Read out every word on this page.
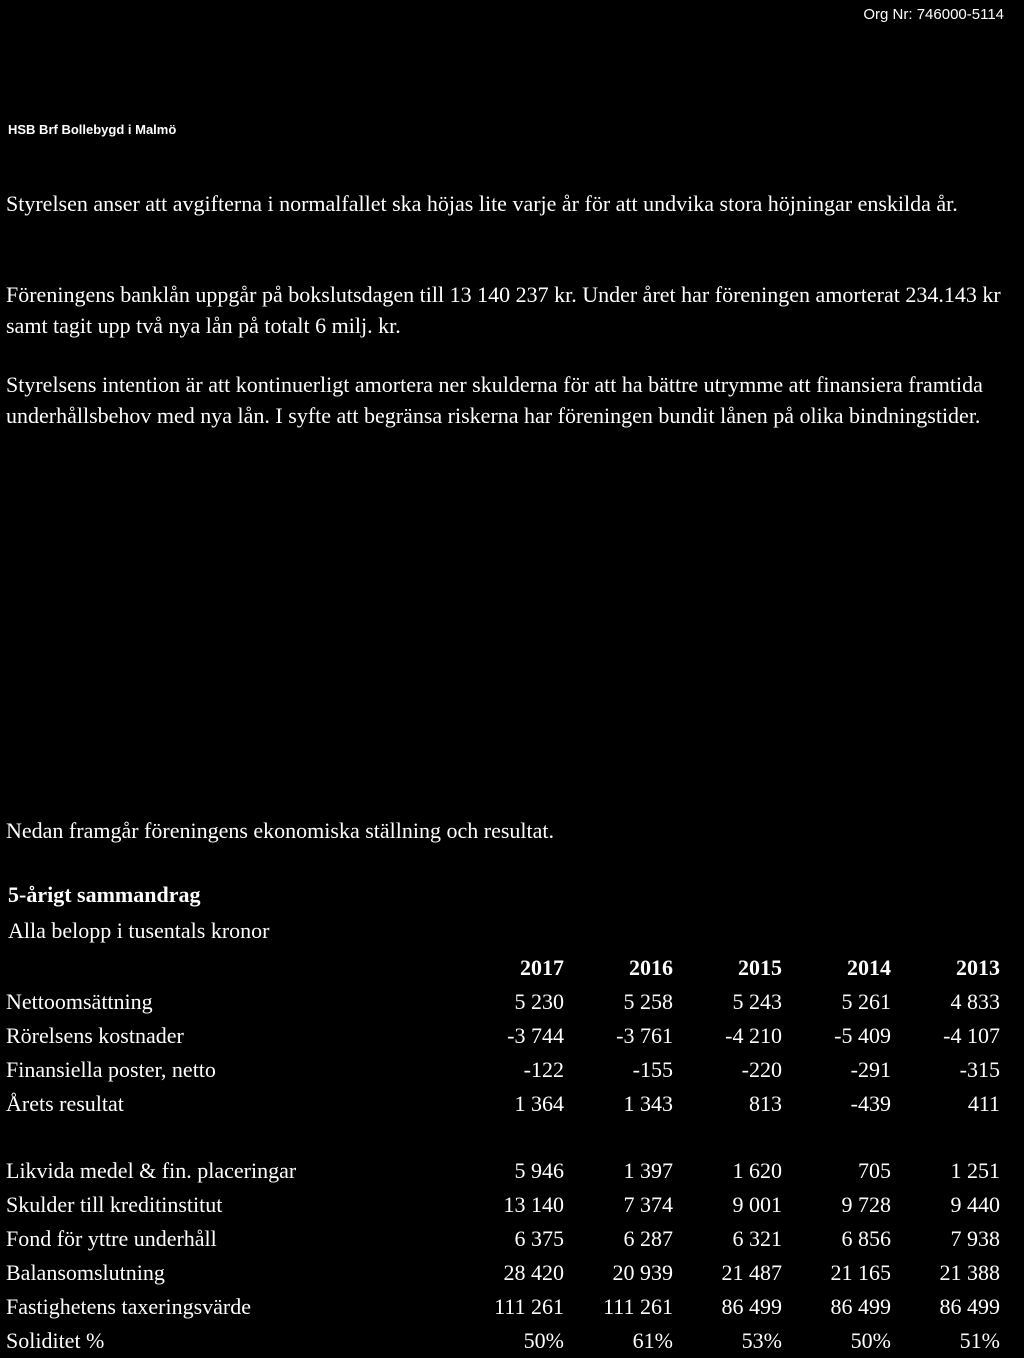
Org Nr: 746000-5114
HSB Brf Bollebygd i Malmö

Styrelsen anser att avgifterna i normalfallet ska höjas lite varje år för att undvika stora höjningar enskilda år.

Föreningens banklån uppgår på bokslutsdagen till 13 140 237 kr. Under året har föreningen amorterat 234.143 kr samt tagit upp två nya lån på totalt 6 milj. kr.

Styrelsens intention är att kontinuerligt amortera ner skulderna för att ha bättre utrymme att finansiera framtida underhållsbehov med nya lån. I syfte att begränsa riskerna har föreningen bundit lånen på olika bindningstider.

Nedan framgår föreningens ekonomiska ställning och resultat.

5-årigt sammandrag
Alla belopp i tusentals kronor
	2017	2016	2015	2014	2013
Nettoomsättning	5 230	5 258	5 243	5 261	4 833
Rörelsens kostnader	-3 744	-3 761	-4 210	-5 409	-4 107
Finansiella poster, netto	-122	-155	-220	-291	-315
Årets resultat	1 364	1 343	813	-439	411

Likvida medel & fin. placeringar	5 946	1 397	1 620	705	1 251
Skulder till kreditinstitut	13 140	7 374	9 001	9 728	9 440
Fond för yttre underhåll	6 375	6 287	6 321	6 856	7 938
Balansomslutning	28 420	20 939	21 487	21 165	21 388
Fastighetens taxeringsvärde	111 261	111 261	86 499	86 499	86 499
Soliditet %	50%	61%	53%	50%	51%
